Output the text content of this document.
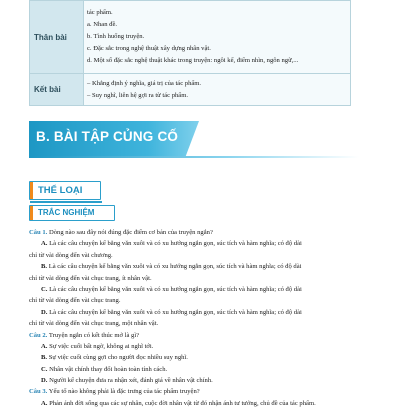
Thân bài	tác phẩm.
a. Nhan đề.
b. Tình huống truyện.
c. Đặc sắc trong nghệ thuật xây dựng nhân vật.
d. Một số đặc sắc nghệ thuật khác trong truyện: ngôi kể, điểm nhìn, ngôn ngữ,...

Kết bài	– Khẳng định ý nghĩa, giá trị của tác phẩm.
– Suy nghĩ, liên hệ gợi ra từ tác phẩm.
B. BÀI TẬP CỦNG CỐ
THỂ LOẠI
TRẮC NGHIỆM
Câu 1. Dòng nào sau đây nói đúng đặc điểm cơ bản của truyện ngắn?
A. Là các câu chuyện kể bằng văn xuôi và có xu hướng ngắn gọn, súc tích và hàm nghĩa; có độ dài
chỉ từ vài dòng đến vài chương.
B. Là các câu chuyện kể bằng văn xuôi và có xu hướng ngắn gọn, súc tích và hàm nghĩa; có độ dài
chỉ từ vài dòng đến vài chục trang, ít nhân vật.
C. Là các câu chuyện kể bằng văn xuôi và có xu hướng ngắn gọn, súc tích và hàm nghĩa; có độ dài
chỉ từ vài dòng đến vài chục trang.
D. Là các câu chuyện kể bằng văn xuôi và có xu hướng ngắn gọn, súc tích và hàm nghĩa; có độ dài
chỉ từ vài dòng đến vài chục trang, một nhân vật.
Câu 2. Truyện ngắn có kết thúc mở là gì?
A. Sự việc cuối bất ngờ, không ai nghĩ tới.
B. Sự việc cuối cùng gợi cho người đọc nhiều suy nghĩ.
C. Nhân vật chính thay đổi hoàn toàn tính cách.
D. Người kể chuyện đưa ra nhận xét, đánh giá về nhân vật chính.
Câu 3. Yếu tố nào không phải là đặc trưng của tác phẩm truyện?
A. Phản ánh đời sống qua các sự nhân, cuộc đời nhân vật từ đó nhận ánh tư tưởng, chủ đề của tác phẩm.
